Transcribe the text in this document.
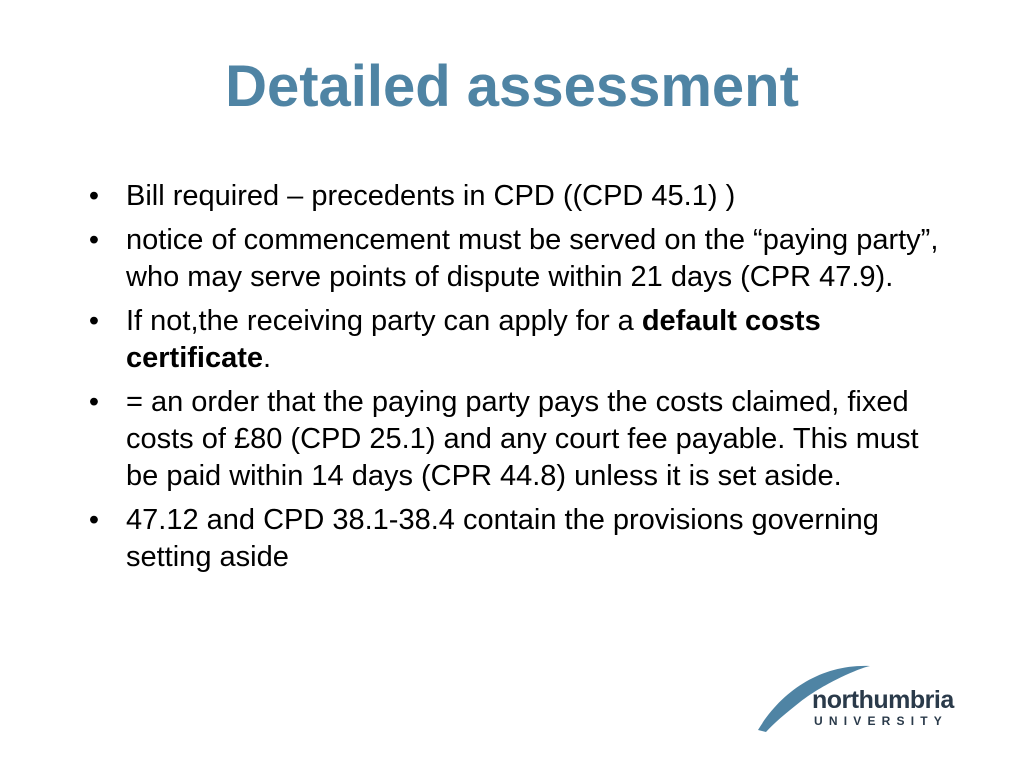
Detailed assessment
• Bill required – precedents in CPD ((CPD 45.1) )
• notice of commencement must be served on the “paying party”, who may serve points of dispute within 21 days (CPR 47.9).
• If not,the receiving party can apply for a default costs certificate.
• = an order that the paying party pays the costs claimed, fixed costs of £80 (CPD 25.1) and any court fee payable. This must be paid within 14 days (CPR 44.8) unless it is set aside.
• 47.12 and CPD 38.1-38.4 contain the provisions governing setting aside
northumbria
UNIVERSITY
